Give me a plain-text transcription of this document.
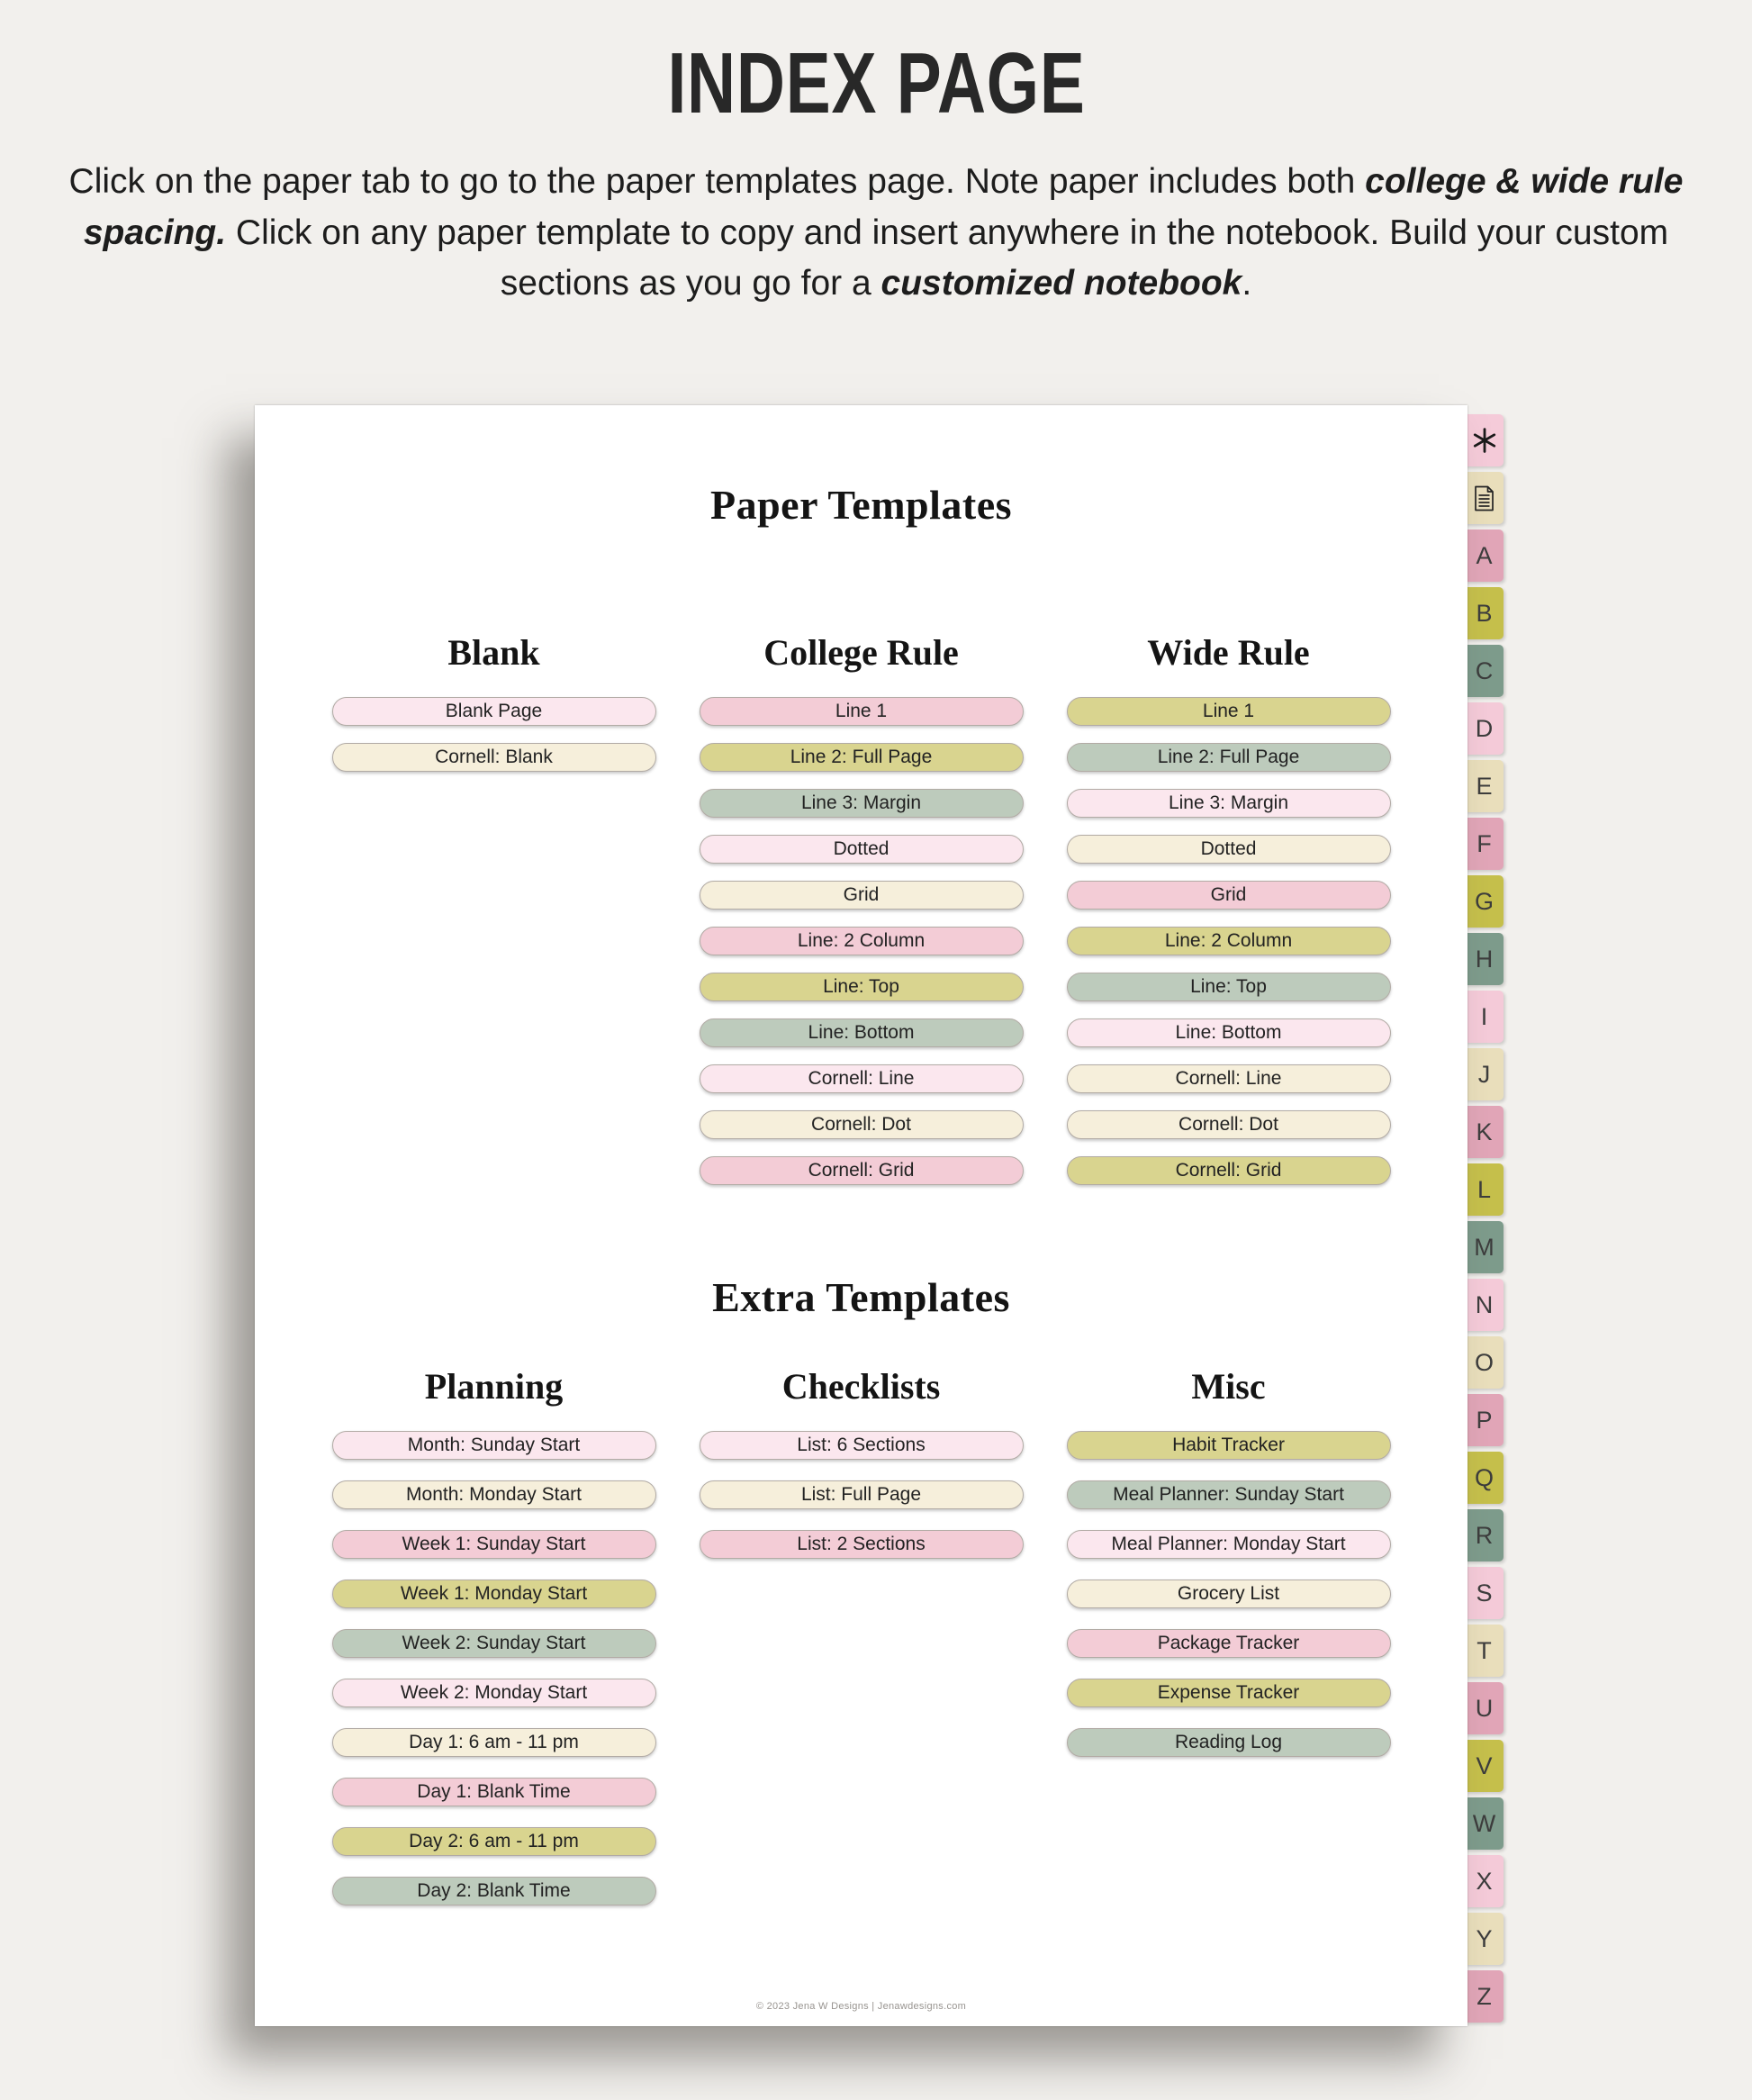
INDEX PAGE

Click on the paper tab to go to the paper templates page. Note paper includes both college & wide rule spacing. Click on any paper template to copy and insert anywhere in the notebook. Build your custom sections as you go for a customized notebook.

Paper Templates
Blank
Blank Page
Cornell: Blank
College Rule
Line 1
Line 2: Full Page
Line 3: Margin
Dotted
Grid
Line: 2 Column
Line: Top
Line: Bottom
Cornell: Line
Cornell: Dot
Cornell: Grid
Wide Rule
Line 1
Line 2: Full Page
Line 3: Margin
Dotted
Grid
Line: 2 Column
Line: Top
Line: Bottom
Cornell: Line
Cornell: Dot
Cornell: Grid
Extra Templates
Planning
Month: Sunday Start
Month: Monday Start
Week 1: Sunday Start
Week 1: Monday Start
Week 2: Sunday Start
Week 2: Monday Start
Day 1: 6 am - 11 pm
Day 1: Blank Time
Day 2: 6 am - 11 pm
Day 2: Blank Time
Checklists
List: 6 Sections
List: Full Page
List: 2 Sections
Misc
Habit Tracker
Meal Planner: Sunday Start
Meal Planner: Monday Start
Grocery List
Package Tracker
Expense Tracker
Reading Log
© 2023 Jena W Designs | Jenawdesigns.com
A
B
C
D
E
F
G
H
I
J
K
L
M
N
O
P
Q
R
S
T
U
V
W
X
Y
Z
